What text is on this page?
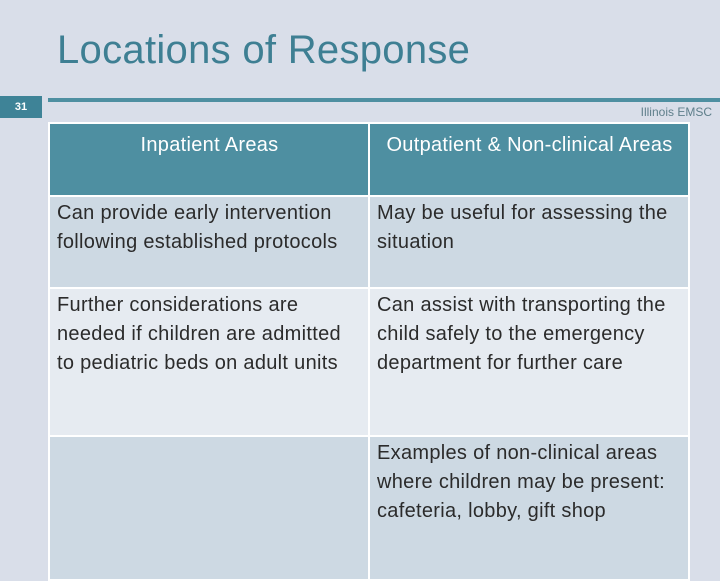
Locations of Response
31	Illinois EMSC
Inpatient Areas	Outpatient & Non-clinical Areas
Can provide early intervention following established protocols	May be useful for assessing the situation
Further considerations are needed if children are admitted to pediatric beds on adult units	Can assist with transporting the child safely to the emergency department for further care
	Examples of non-clinical areas where children may be present: cafeteria, lobby, gift shop
